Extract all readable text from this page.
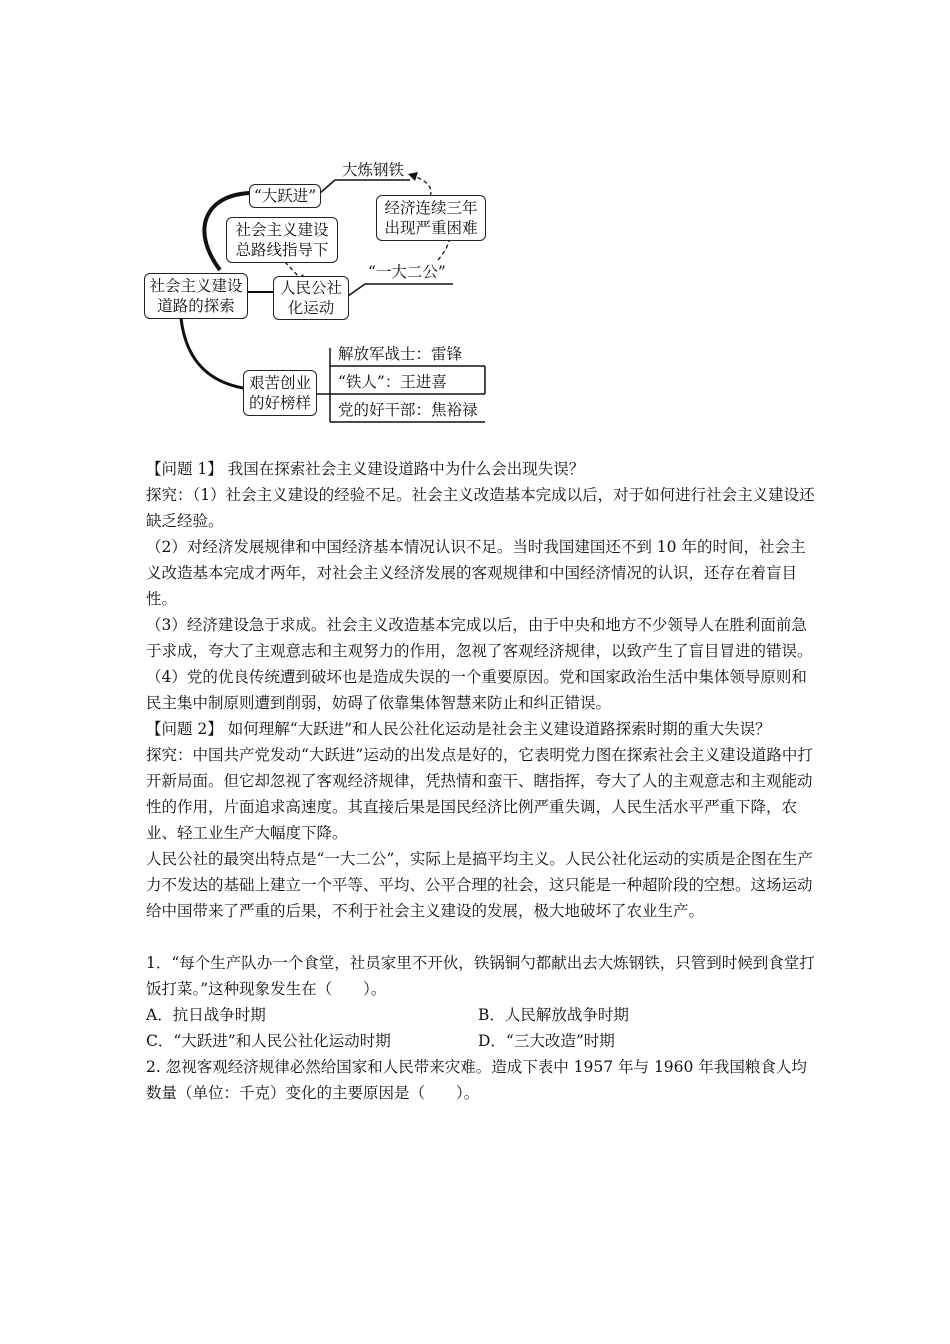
社会主义建设
道路的探索
“大跃进”
社会主义建设
总路线指导下
人民公社
化运动
经济连续三年
出现严重困难
艰苦创业
的好榜样
大炼钢铁
“一大二公”
解放军战士：雷锋
“铁人”：王进喜
党的好干部：焦裕禄

【问题 1】 我国在探索社会主义建设道路中为什么会出现失误？

探究：（1）社会主义建设的经验不足。社会主义改造基本完成以后，对于如何进行社会主义建设还缺乏经验。

（2）对经济发展规律和中国经济基本情况认识不足。当时我国建国还不到 10 年的时间，社会主义改造基本完成才两年，对社会主义经济发展的客观规律和中国经济情况的认识，还存在着盲目性。

（3）经济建设急于求成。社会主义改造基本完成以后，由于中央和地方不少领导人在胜利面前急于求成，夸大了主观意志和主观努力的作用，忽视了客观经济规律，以致产生了盲目冒进的错误。

（4）党的优良传统遭到破坏也是造成失误的一个重要原因。党和国家政治生活中集体领导原则和民主集中制原则遭到削弱，妨碍了依靠集体智慧来防止和纠正错误。

【问题 2】 如何理解“大跃进”和人民公社化运动是社会主义建设道路探索时期的重大失误？

探究：中国共产党发动“大跃进”运动的出发点是好的，它表明党力图在探索社会主义建设道路中打开新局面。但它却忽视了客观经济规律，凭热情和蛮干、瞎指挥，夸大了人的主观意志和主观能动性的作用，片面追求高速度。其直接后果是国民经济比例严重失调，人民生活水平严重下降，农业、轻工业生产大幅度下降。

人民公社的最突出特点是“一大二公”，实际上是搞平均主义。人民公社化运动的实质是企图在生产力不发达的基础上建立一个平等、平均、公平合理的社会，这只能是一种超阶段的空想。这场运动给中国带来了严重的后果，不利于社会主义建设的发展，极大地破坏了农业生产。

1．“每个生产队办一个食堂，社员家里不开伙，铁锅铜勺都献出去大炼钢铁，只管到时候到食堂打饭打菜。”这种现象发生在（　　）。

A．抗日战争时期	B．人民解放战争时期
C．“大跃进”和人民公社化运动时期	D．“三大改造”时期

2. 忽视客观经济规律必然给国家和人民带来灾难。造成下表中 1957 年与 1960 年我国粮食人均数量（单位：千克）变化的主要原因是（　　）。
